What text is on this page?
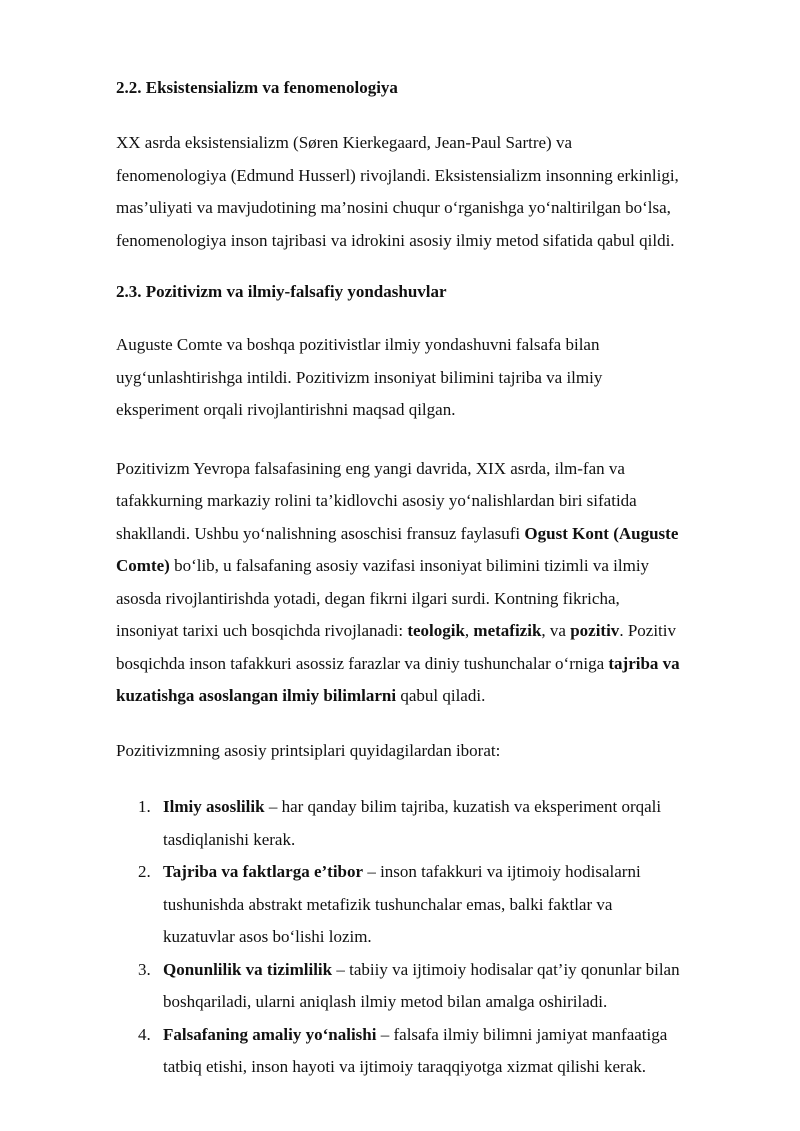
2.2. Eksistensializm va fenomenologiya

XX asrda eksistensializm (Søren Kierkegaard, Jean-Paul Sartre) va
fenomenologiya (Edmund Husserl) rivojlandi. Eksistensializm insonning erkinligi,
mas’uliyati va mavjudotining ma’nosini chuqur o‘rganishga yo‘naltirilgan bo‘lsa,
fenomenologiya inson tajribasi va idrokini asosiy ilmiy metod sifatida qabul qildi.

2.3. Pozitivizm va ilmiy-falsafiy yondashuvlar

Auguste Comte va boshqa pozitivistlar ilmiy yondashuvni falsafa bilan
uyg‘unlashtirishga intildi. Pozitivizm insoniyat bilimini tajriba va ilmiy
eksperiment orqali rivojlantirishni maqsad qilgan.

Pozitivizm Yevropa falsafasining eng yangi davrida, XIX asrda, ilm-fan va
tafakkurning markaziy rolini ta’kidlovchi asosiy yo‘nalishlardan biri sifatida
shakllandi. Ushbu yo‘nalishning asoschisi fransuz faylasufi Ogust Kont (Auguste
Comte) bo‘lib, u falsafaning asosiy vazifasi insoniyat bilimini tizimli va ilmiy
asosda rivojlantirishda yotadi, degan fikrni ilgari surdi. Kontning fikricha,
insoniyat tarixi uch bosqichda rivojlanadi: teologik, metafizik, va pozitiv. Pozitiv
bosqichda inson tafakkuri asossiz farazlar va diniy tushunchalar o‘rniga tajriba va
kuzatishga asoslangan ilmiy bilimlarni qabul qiladi.

Pozitivizmning asosiy printsiplari quyidagilardan iborat:

1. Ilmiy asoslilik – har qanday bilim tajriba, kuzatish va eksperiment orqali
tasdiqlanishi kerak.
2. Tajriba va faktlarga e’tibor – inson tafakkuri va ijtimoiy hodisalarni
tushunishda abstrakt metafizik tushunchalar emas, balki faktlar va
kuzatuvlar asos bo‘lishi lozim.
3. Qonunlilik va tizimlilik – tabiiy va ijtimoiy hodisalar qat’iy qonunlar bilan
boshqariladi, ularni aniqlash ilmiy metod bilan amalga oshiriladi.
4. Falsafaning amaliy yo‘nalishi – falsafa ilmiy bilimni jamiyat manfaatiga
tatbiq etishi, inson hayoti va ijtimoiy taraqqiyotga xizmat qilishi kerak.
